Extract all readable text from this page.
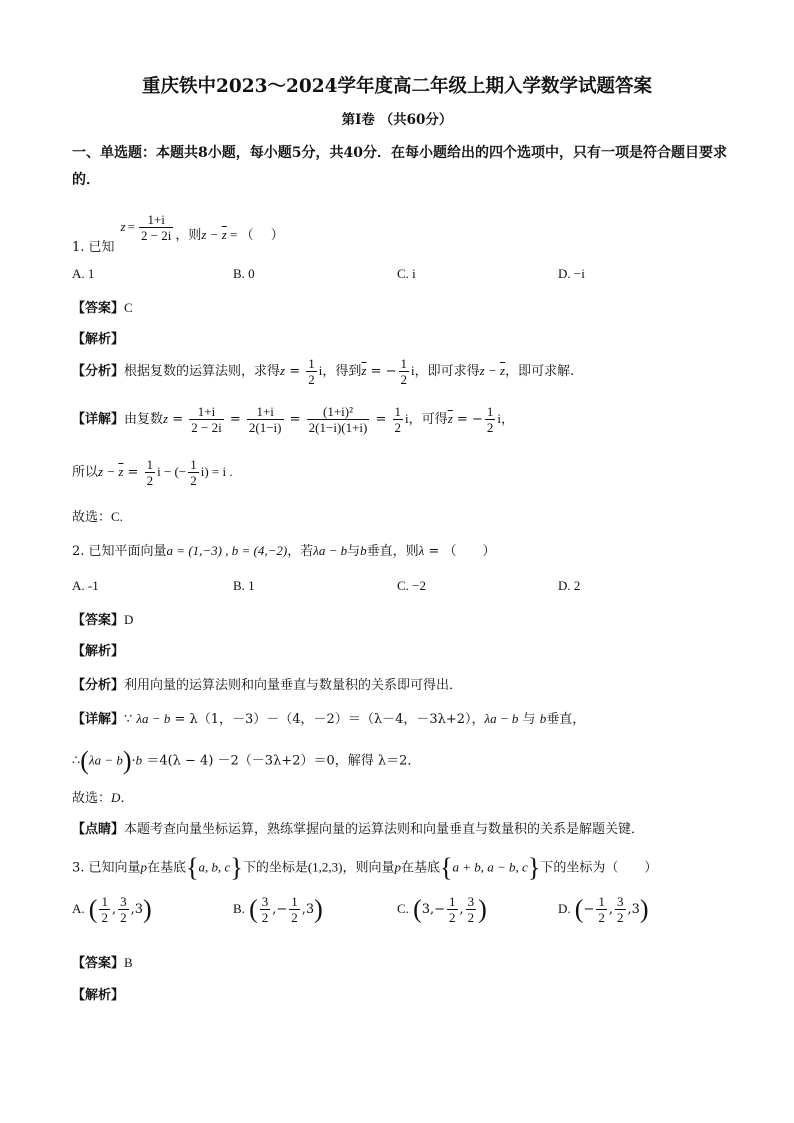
重庆铁中2023～2024学年度高二年级上期入学数学试题答案
第I卷 （共60分）
一、单选题：本题共8小题，每小题5分，共40分．在每小题给出的四个选项中，只有一项是符合题目要求的．
1. 已知$z = \frac{1+i}{2 - 2i}$ ，则$z - \overline{z}$ = （　 ）
A. 1	B. 0	C. i	D. −i
【答案】C
【解析】
【分析】根据复数的运算法则，求得$z = \frac{1}{2}$ i，得到$\overline{z}$ = − $\frac{1}{2}$ i，即可求得$z - \overline{z}$，即可求解.
【详解】由复数$z = \frac{1+i}{2 - 2i} = \frac{1+i}{2(1-i)} = \frac{\text{(1+i)²}}{2(1-i)(1+i)} = \frac{1}{2}$ i，可得$\overline{z}$ = − $\frac{1}{2}$ i，
所以$z - \overline{z} = \frac{1}{2}$ i − (− $\frac{1}{2} i) = i$ .
故选：C.
2. 已知平面向量a = (1,−3) , b = (4,−2)，若λa − b与b垂直，则λ = （　　）
A. -1	B. 1	C. −2	D. 2
【答案】D
【解析】
【分析】利用向量的运算法则和向量垂直与数量积的关系即可得出．
【详解】∵ λa − b = λ（1，－3）－（4，－2）＝（λ－4，－3λ+2），λa − b 与 b垂直，
∴(λa − b)·b ＝4(λ − 4) －2（－3λ+2）＝0，解得 λ＝2．
故选：D．
【点睛】本题考查向量坐标运算，熟练掌握向量的运算法则和向量垂直与数量积的关系是解题关键．
3. 已知向量p在基底{a, b, c}下的坐标是(1,2,3)，则向量p在基底{a + b, a − b, c}下的坐标为（　　）
A. ( $\frac{1}{2}$ , $\frac{3}{2} ,3$)	B. ( $\frac{3}{2}$ ,− $\frac{1}{2} ,3$)	C. ($3,- \frac{1}{2}$ , $\frac{3}{2}$ )	D. (− $\frac{1}{2}$ , $\frac{3}{2} ,3$)
【答案】B
【解析】
